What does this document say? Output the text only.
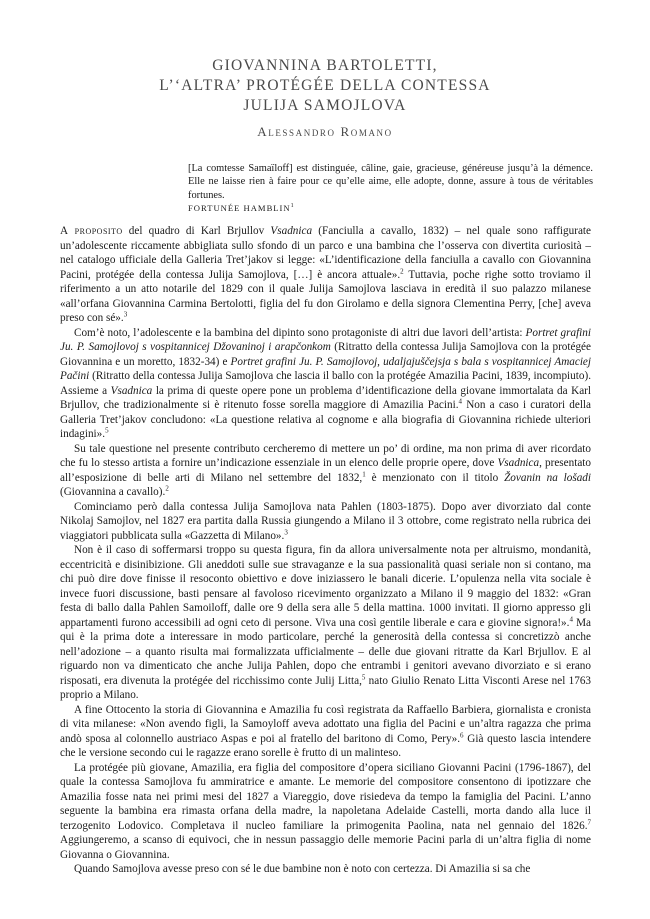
GIOVANNINA BARTOLETTI,
L’‘ALTRA’ PROTÉGÉE DELLA CONTESSA
JULIJA SAMOJLOVA
Alessandro Romano
[La comtesse Samaïloff] est distinguée, câline, gaie, gracieuse, généreuse jusqu’à la démence. Elle ne laisse rien à faire pour ce qu’elle aime, elle adopte, donne, assure à tous de véritables fortunes.
FORTUNÉE HAMBLIN$^1$

A proposito del quadro di Karl Brjullov Vsadnica (Fanciulla a cavallo, 1832) – nel quale sono raffigurate un’adolescente riccamente abbigliata sullo sfondo di un parco e una bambina che l’osserva con divertita curiosità – nel catalogo ufficiale della Galleria Tret’jakov si legge: «L’identificazione della fanciulla a cavallo con Giovannina Pacini, protégée della contessa Julija Samojlova, […] è ancora attuale».$^2$ Tuttavia, poche righe sotto troviamo il riferimento a un atto notarile del 1829 con il quale Julija Samojlova lasciava in eredità il suo palazzo milanese «all’orfana Giovannina Carmina Bertolotti, figlia del fu don Girolamo e della signora Clementina Perry, [che] aveva preso con sé».$^3$

Com’è noto, l’adolescente e la bambina del dipinto sono protagoniste di altri due lavori dell’artista: Portret grafini Ju. P. Samojlovoj s vospitannicej Džovaninoj i arapčonkom (Ritratto della contessa Julija Samojlova con la protégée Giovannina e un moretto, 1832-34) e Portret grafini Ju. P. Samojlovoj, udaljajuščejsja s bala s vospitannicej Amaciej Pačini (Ritratto della contessa Julija Samojlova che lascia il ballo con la protégée Amazilia Pacini, 1839, incompiuto). Assieme a Vsadnica la prima di queste opere pone un problema d’identificazione della giovane immortalata da Karl Brjullov, che tradizionalmente si è ritenuto fosse sorella maggiore di Amazilia Pacini.$^4$ Non a caso i curatori della Galleria Tret’jakov concludono: «La questione relativa al cognome e alla biografia di Giovannina richiede ulteriori indagini».$^5$

Su tale questione nel presente contributo cercheremo di mettere un po’ di ordine, ma non prima di aver ricordato che fu lo stesso artista a fornire un’indicazione essenziale in un elenco delle proprie opere, dove Vsadnica, presentato all’esposizione di belle arti di Milano nel settembre del 1832,$^1$ è menzionato con il titolo Žovanin na lošadi (Giovannina a cavallo).$^2$

Cominciamo però dalla contessa Julija Samojlova nata Pahlen (1803-1875). Dopo aver divorziato dal conte Nikolaj Samojlov, nel 1827 era partita dalla Russia giungendo a Milano il 3 ottobre, come registrato nella rubrica dei viaggiatori pubblicata sulla «Gazzetta di Milano».$^3$

Non è il caso di soffermarsi troppo su questa figura, fin da allora universalmente nota per altruismo, mondanità, eccentricità e disinibizione. Gli aneddoti sulle sue stravaganze e la sua passionalità quasi seriale non si contano, ma chi può dire dove finisse il resoconto obiettivo e dove iniziassero le banali dicerie. L’opulenza nella vita sociale è invece fuori discussione, basti pensare al favoloso ricevimento organizzato a Milano il 9 maggio del 1832: «Gran festa di ballo dalla Pahlen Samoiloff, dalle ore 9 della sera alle 5 della mattina. 1000 invitati. Il giorno appresso gli appartamenti furono accessibili ad ogni ceto di persone. Viva una così gentile liberale e cara e giovine signora!».$^4$ Ma qui è la prima dote a interessare in modo particolare, perché la generosità della contessa si concretizzò anche nell’adozione – a quanto risulta mai formalizzata ufficialmente – delle due giovani ritratte da Karl Brjullov. E al riguardo non va dimenticato che anche Julija Pahlen, dopo che entrambi i genitori avevano divorziato e si erano risposati, era divenuta la protégée del ricchissimo conte Julij Litta,$^5$ nato Giulio Renato Litta Visconti Arese nel 1763 proprio a Milano.

A fine Ottocento la storia di Giovannina e Amazilia fu così registrata da Raffaello Barbiera, giornalista e cronista di vita milanese: «Non avendo figli, la Samoyloff aveva adottato una figlia del Pacini e un’altra ragazza che prima andò sposa al colonnello austriaco Aspas e poi al fratello del baritono di Como, Pery».$^6$ Già questo lascia intendere che le versione secondo cui le ragazze erano sorelle è frutto di un malinteso.

La protégée più giovane, Amazilia, era figlia del compositore d’opera siciliano Giovanni Pacini (1796-1867), del quale la contessa Samojlova fu ammiratrice e amante. Le memorie del compositore consentono di ipotizzare che Amazilia fosse nata nei primi mesi del 1827 a Viareggio, dove risiedeva da tempo la famiglia del Pacini. L’anno seguente la bambina era rimasta orfana della madre, la napoletana Adelaide Castelli, morta dando alla luce il terzogenito Lodovico. Completava il nucleo familiare la primogenita Paolina, nata nel gennaio del 1826.$^7$ Aggiungeremo, a scanso di equivoci, che in nessun passaggio delle memorie Pacini parla di un’altra figlia di nome Giovanna o Giovannina.

Quando Samojlova avesse preso con sé le due bambine non è noto con certezza. Di Amazilia si sa che
